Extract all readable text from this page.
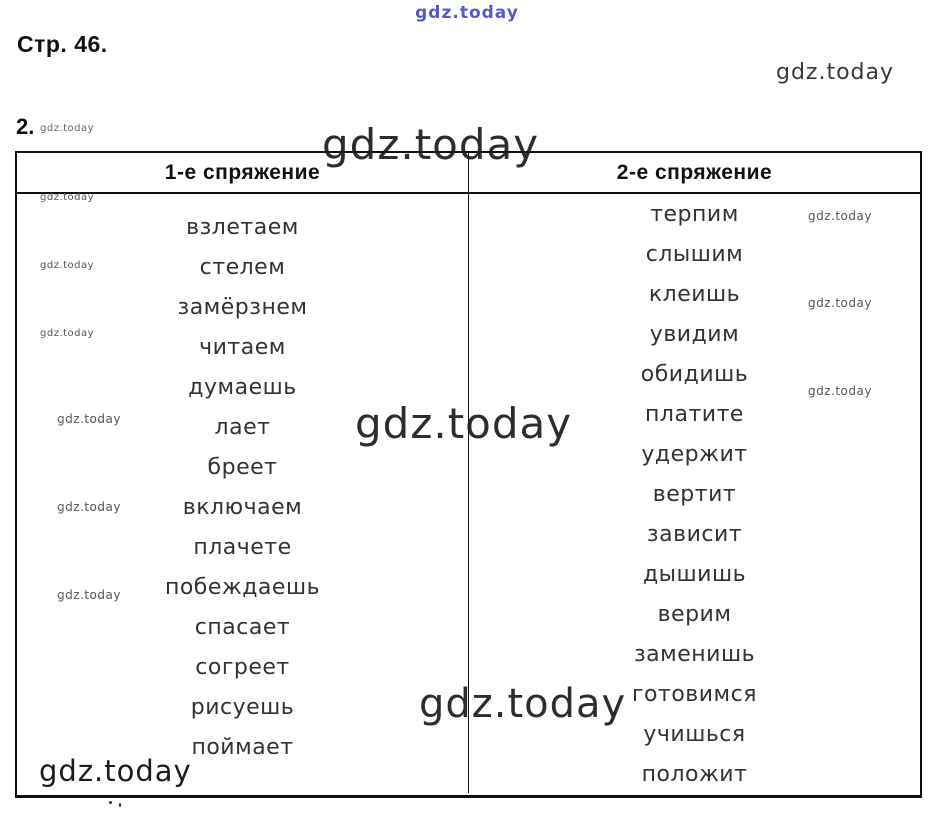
gdz.today
Стр. 46.
gdz.today
2. gdz.today
1-е спряжение	2-е спряжение
взлетаем
стелем
замёрзнем
читаем
думаешь
лает
бреет
включаем
плачете
побеждаешь
спасает
согреет
рисуешь
поймает
терпим
слышим
клеишь
увидим
обидишь
платите
удержит
вертит
зависит
дышишь
верим
заменишь
готовимся
учишься
положит
gdz.today
gdz.today
gdz.today
gdz.today
gdz.today
gdz.today
gdz.today
gdz.today
gdz.today
gdz.today
gdz.today
gdz.today
gdz.today
